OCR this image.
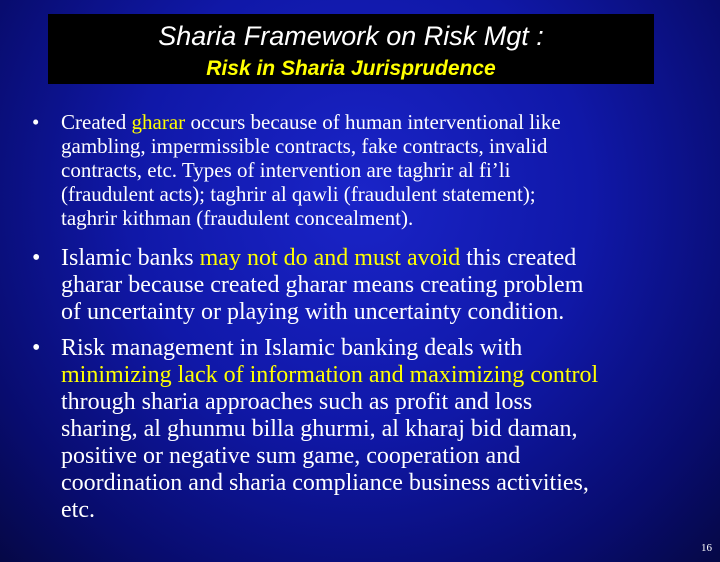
Sharia Framework on Risk Mgt :
Risk in Sharia Jurisprudence
• Created gharar occurs because of human interventional like
gambling, impermissible contracts, fake contracts, invalid
contracts, etc. Types of intervention are taghrir al fi’li
(fraudulent acts); taghrir al qawli (fraudulent statement);
taghrir kithman (fraudulent concealment).
• Islamic banks may not do and must avoid this created
gharar because created gharar means creating problem
of uncertainty or playing with uncertainty condition.
• Risk management in Islamic banking deals with
minimizing lack of information and maximizing control
through sharia approaches such as profit and loss
sharing, al ghunmu billa ghurmi, al kharaj bid daman,
positive or negative sum game, cooperation and
coordination and sharia compliance business activities,
etc.
16
